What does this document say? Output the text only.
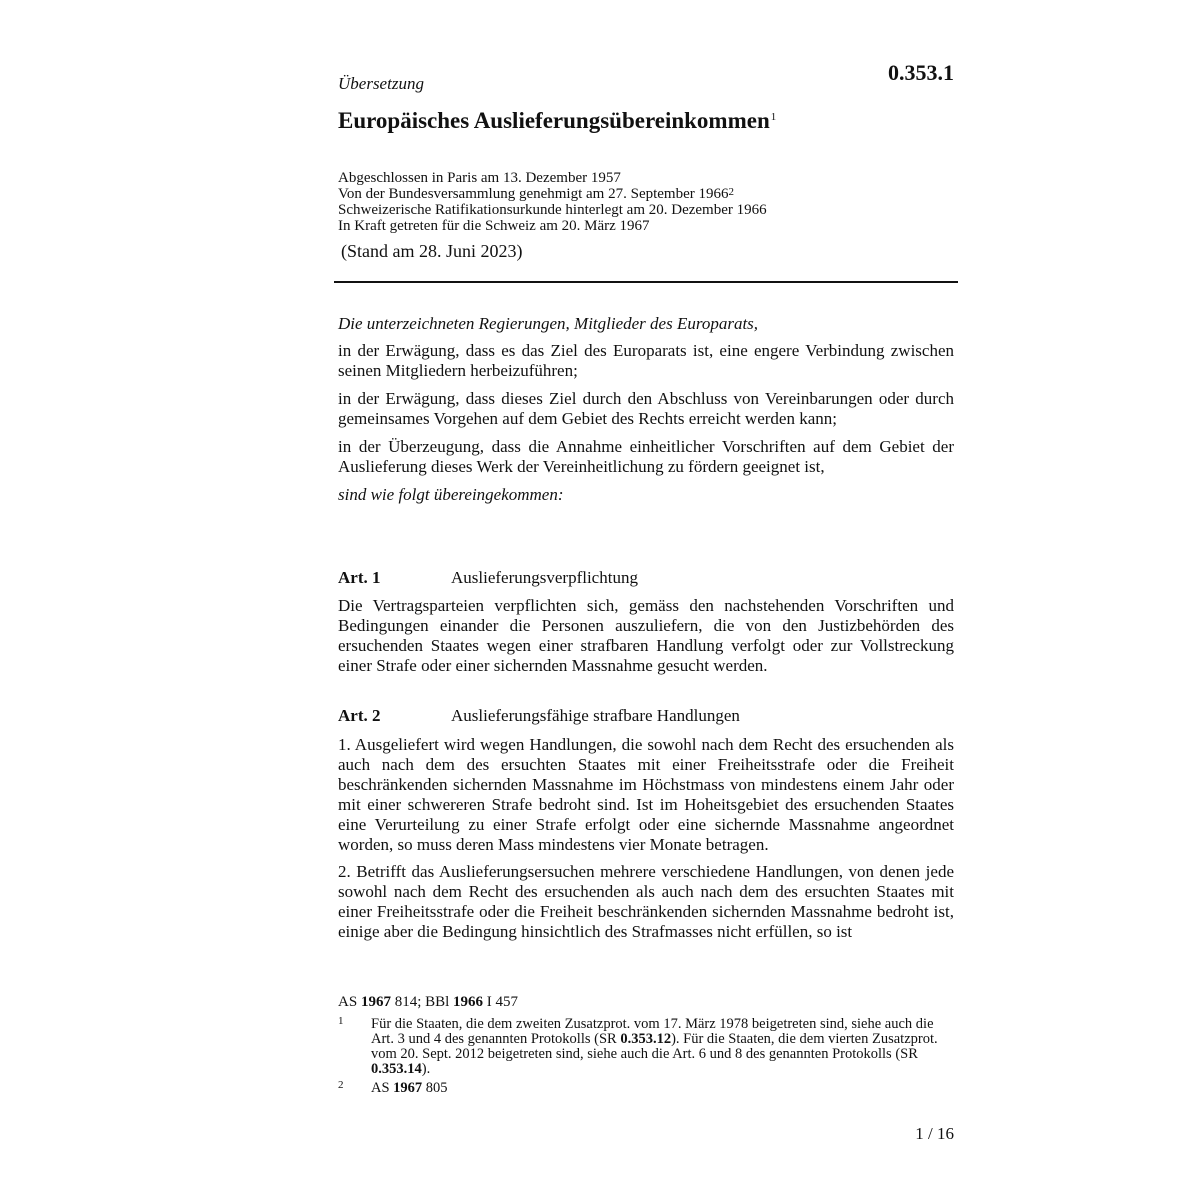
Übersetzung	0.353.1
Europäisches Auslieferungsübereinkommen$^1$
Abgeschlossen in Paris am 13. Dezember 1957
Von der Bundesversammlung genehmigt am 27. September 1966$^2$
Schweizerische Ratifikationsurkunde hinterlegt am 20. Dezember 1966
In Kraft getreten für die Schweiz am 20. März 1967
(Stand am 28. Juni 2023)
Die unterzeichneten Regierungen, Mitglieder des Europarats,
in der Erwägung, dass es das Ziel des Europarats ist, eine engere Verbindung zwischen seinen Mitgliedern herbeizuführen;
in der Erwägung, dass dieses Ziel durch den Abschluss von Vereinbarungen oder durch gemeinsames Vorgehen auf dem Gebiet des Rechts erreicht werden kann;
in der Überzeugung, dass die Annahme einheitlicher Vorschriften auf dem Gebiet der Auslieferung dieses Werk der Vereinheitlichung zu fördern geeignet ist,
sind wie folgt übereingekommen:
Art. 1	Auslieferungsverpflichtung
Die Vertragsparteien verpflichten sich, gemäss den nachstehenden Vorschriften und Bedingungen einander die Personen auszuliefern, die von den Justizbehörden des ersuchenden Staates wegen einer strafbaren Handlung verfolgt oder zur Vollstreckung einer Strafe oder einer sichernden Massnahme gesucht werden.
Art. 2	Auslieferungsfähige strafbare Handlungen
1. Ausgeliefert wird wegen Handlungen, die sowohl nach dem Recht des ersuchenden als auch nach dem des ersuchten Staates mit einer Freiheitsstrafe oder die Freiheit beschränkenden sichernden Massnahme im Höchstmass von mindestens einem Jahr oder mit einer schwereren Strafe bedroht sind. Ist im Hoheitsgebiet des ersuchenden Staates eine Verurteilung zu einer Strafe erfolgt oder eine sichernde Massnahme angeordnet worden, so muss deren Mass mindestens vier Monate betragen.
2. Betrifft das Auslieferungsersuchen mehrere verschiedene Handlungen, von denen jede sowohl nach dem Recht des ersuchenden als auch nach dem des ersuchten Staates mit einer Freiheitsstrafe oder die Freiheit beschränkenden sichernden Massnahme bedroht ist, einige aber die Bedingung hinsichtlich des Strafmasses nicht erfüllen, so ist
AS 1967 814; BBl 1966 I 457
1 Für die Staaten, die dem zweiten Zusatzprot. vom 17. März 1978 beigetreten sind, siehe auch die Art. 3 und 4 des genannten Protokolls (SR 0.353.12). Für die Staaten, die dem vierten Zusatzprot. vom 20. Sept. 2012 beigetreten sind, siehe auch die Art. 6 und 8 des genannten Protokolls (SR 0.353.14).
2 AS 1967 805
1 / 16
